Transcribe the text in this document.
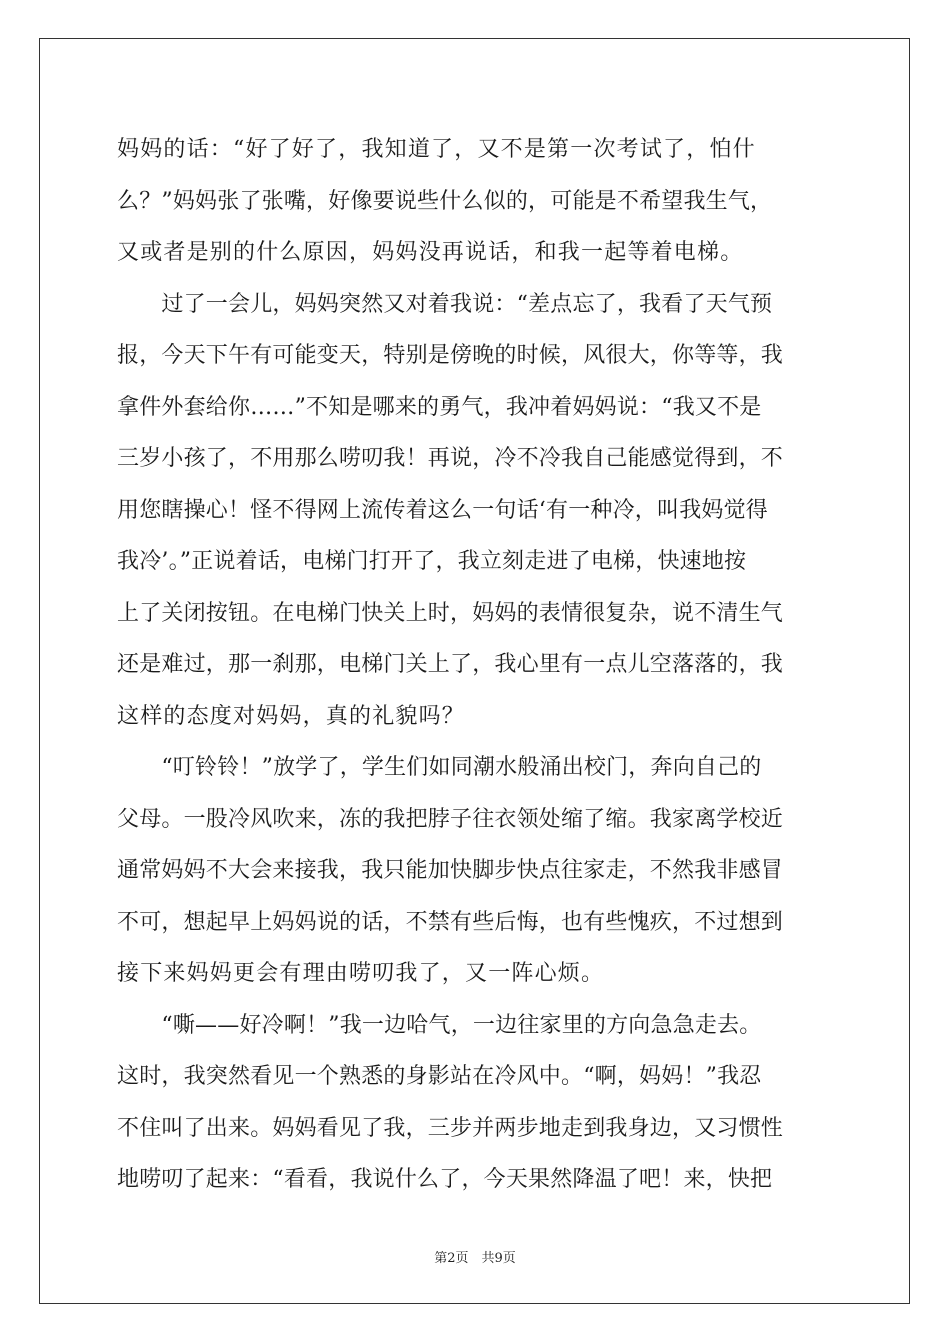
妈妈的话：“好了好了，我知道了，又不是第一次考试了，怕什
么？”妈妈张了张嘴，好像要说些什么似的，可能是不希望我生气，
又或者是别的什么原因，妈妈没再说话，和我一起等着电梯。
　　过了一会儿，妈妈突然又对着我说：“差点忘了，我看了天气预
报，今天下午有可能变天，特别是傍晚的时候，风很大，你等等，我
拿件外套给你……”不知是哪来的勇气，我冲着妈妈说：“我又不是
三岁小孩了，不用那么唠叨我！再说，冷不冷我自己能感觉得到，不
用您瞎操心！怪不得网上流传着这么一句话‘有一种冷，叫我妈觉得
我冷’。”正说着话，电梯门打开了，我立刻走进了电梯，快速地按
上了关闭按钮。在电梯门快关上时，妈妈的表情很复杂，说不清生气
还是难过，那一刹那，电梯门关上了，我心里有一点儿空落落的，我
这样的态度对妈妈，真的礼貌吗？
　　“叮铃铃！”放学了，学生们如同潮水般涌出校门，奔向自己的
父母。一股冷风吹来，冻的我把脖子往衣领处缩了缩。我家离学校近
通常妈妈不大会来接我，我只能加快脚步快点往家走，不然我非感冒
不可，想起早上妈妈说的话，不禁有些后悔，也有些愧疚，不过想到
接下来妈妈更会有理由唠叨我了，又一阵心烦。
　　“嘶——好冷啊！”我一边哈气，一边往家里的方向急急走去。
这时，我突然看见一个熟悉的身影站在冷风中。“啊，妈妈！”我忍
不住叫了出来。妈妈看见了我，三步并两步地走到我身边，又习惯性
地唠叨了起来：“看看，我说什么了，今天果然降温了吧！来，快把
第2页　共9页
